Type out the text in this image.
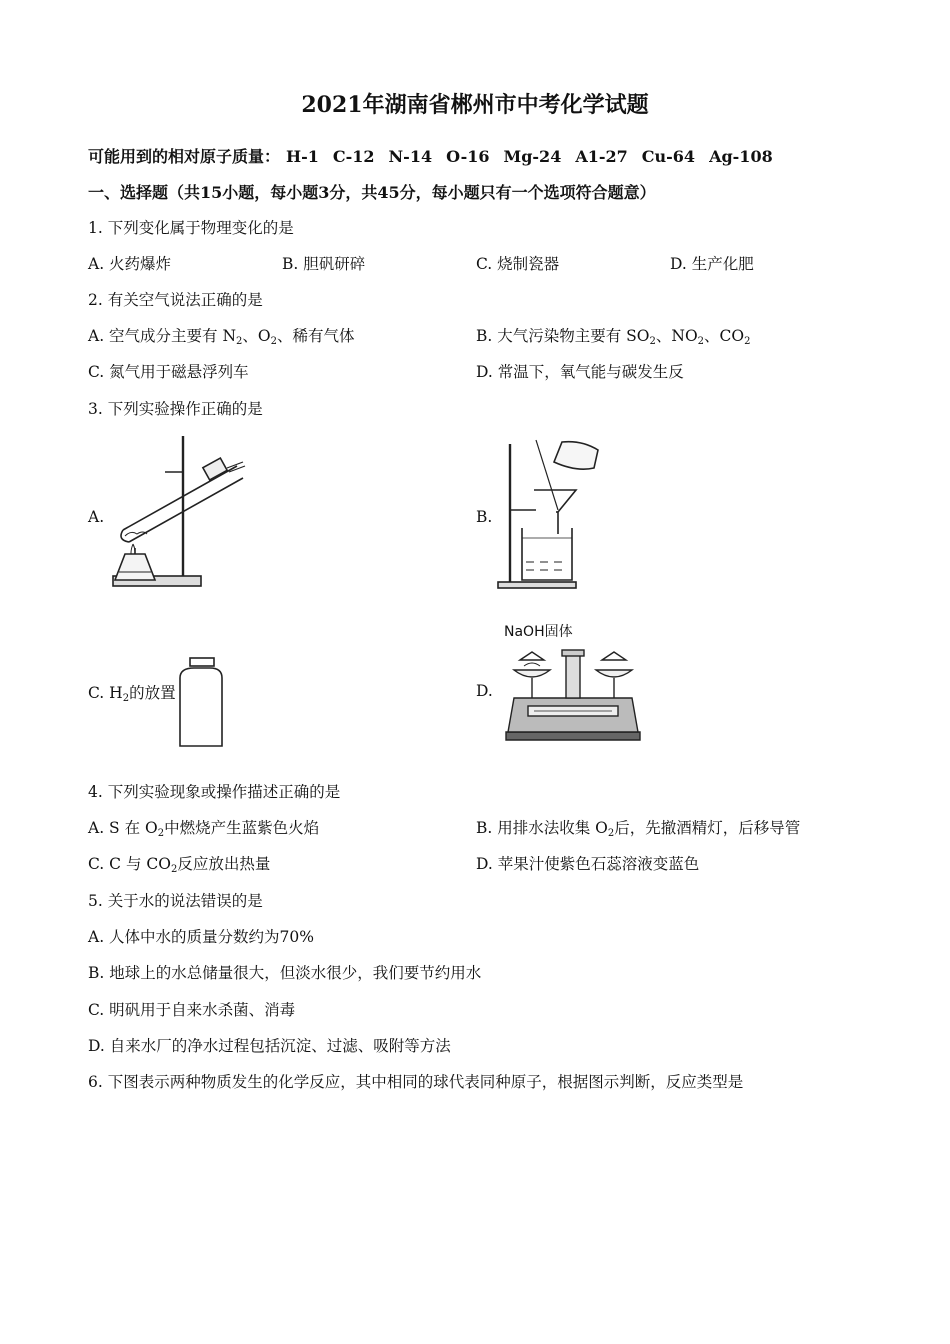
2021年湖南省郴州市中考化学试题
可能用到的相对原子质量： H-1 C-12 N-14 O-16 Mg-24 A1-27 Cu-64 Ag-108
一、选择题（共15小题，每小题3分，共45分，每小题只有一个选项符合题意）
1. 下列变化属于物理变化的是
A. 火药爆炸	B. 胆矾研碎	C. 烧制瓷器	D. 生产化肥
2. 有关空气说法正确的是
A. 空气成分主要有 $N_2$、$O_2$、稀有气体	B. 大气污染物主要有 $SO_2$、$NO_2$、$CO_2$
C. 氮气用于磁悬浮列车	D. 常温下，氧气能与碳发生反
3. 下列实验操作正确的是
A.	B.
C. $H_2$的放置	D.
NaOH固体
4. 下列实验现象或操作描述正确的是
A. S 在 $O_2$中燃烧产生蓝紫色火焰	B. 用排水法收集 $O_2$后，先撤酒精灯，后移导管
C. C 与 $CO_2$反应放出热量	D. 苹果汁使紫色石蕊溶液变蓝色
5. 关于水的说法错误的是
A. 人体中水的质量分数约为70%
B. 地球上的水总储量很大，但淡水很少，我们要节约用水
C. 明矾用于自来水杀菌、消毒
D. 自来水厂的净水过程包括沉淀、过滤、吸附等方法
6. 下图表示两种物质发生的化学反应，其中相同的球代表同种原子，根据图示判断，反应类型是
